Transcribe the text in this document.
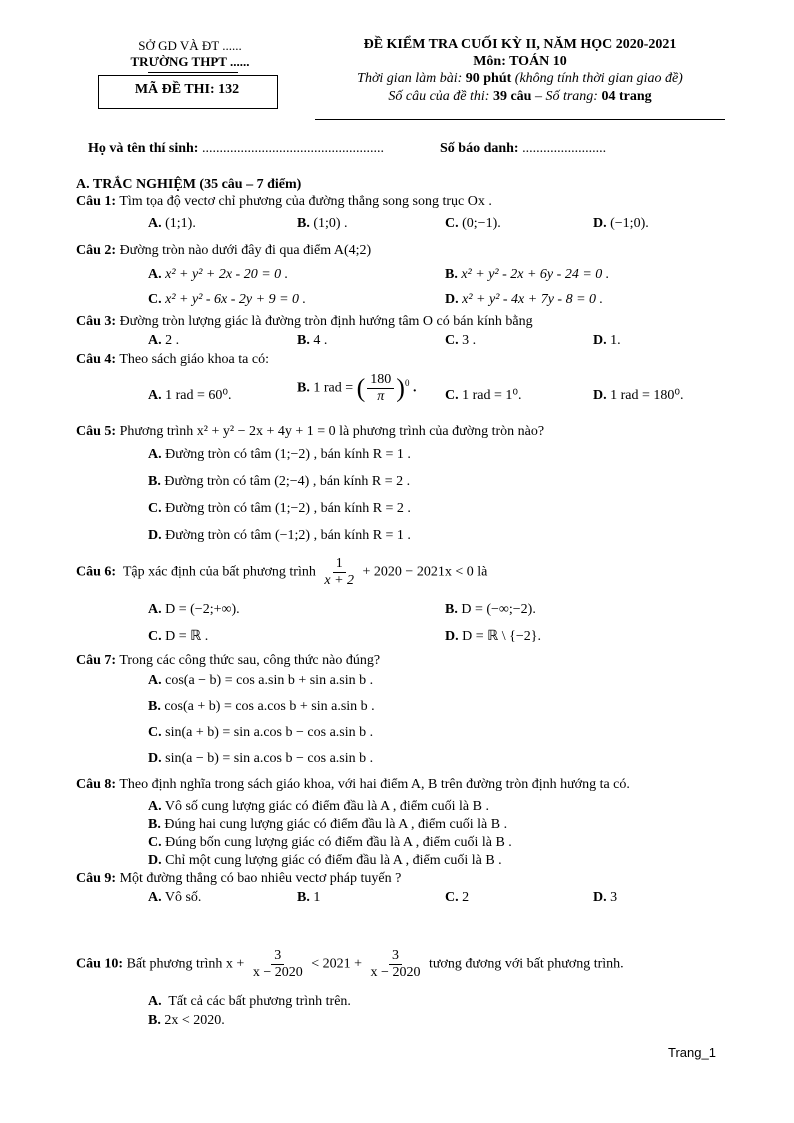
SỞ GD VÀ ĐT ......
TRƯỜNG THPT ......
MÃ ĐỀ THI: 132
ĐỀ KIỂM TRA CUỐI KỲ II, NĂM HỌC 2020-2021
Môn: TOÁN 10
Thời gian làm bài: 90 phút (không tính thời gian giao đề)
Số câu của đề thi: 39 câu – Số trang: 04 trang
Họ và tên thí sinh: ....................................................	Số báo danh: ........................
A. TRẮC NGHIỆM (35 câu – 7 điểm)
Câu 1: Tìm tọa độ vectơ chỉ phương của đường thẳng song song trục Ox .
A. (1;1).	B. (1;0) .	C. (0;−1).	D. (−1;0).
Câu 2: Đường tròn nào dưới đây đi qua điểm A(4;2)
A. x² + y² + 2x - 20 = 0 .	B. x² + y² - 2x + 6y - 24 = 0 .
C. x² + y² - 6x - 2y + 9 = 0 .	D. x² + y² - 4x + 7y - 8 = 0 .
Câu 3: Đường tròn lượng giác là đường tròn định hướng tâm O có bán kính bằng
A. 2 .	B. 4 .	C. 3 .	D. 1.
Câu 4: Theo sách giáo khoa ta có:
A. 1 rad = 60⁰.	B. 1 rad = ( $\frac{180}{\pi} )^0$ . C. 1 rad = 1⁰.	D. 1 rad = 180⁰.
Câu 5: Phương trình x² + y² − 2x + 4y + 1 = 0 là phương trình của đường tròn nào?
A. Đường tròn có tâm (1;−2) , bán kính R = 1 .
B. Đường tròn có tâm (2;−4) , bán kính R = 2 .
C. Đường tròn có tâm (1;−2) , bán kính R = 2 .
D. Đường tròn có tâm (−1;2) , bán kính R = 1 .
Câu 6: Tập xác định của bất phương trình $\frac{1}{x + 2} + 2020 - 2021x < 0$ là
A. D = (−2;+∞).	B. D = (−∞;−2).
C. D = ℝ .	D. D = ℝ \ {−2}.
Câu 7: Trong các công thức sau, công thức nào đúng?
A. cos(a − b) = cos a.sin b + sin a.sin b .
B. cos(a + b) = cos a.cos b + sin a.sin b .
C. sin(a + b) = sin a.cos b − cos a.sin b .
D. sin(a − b) = sin a.cos b − cos a.sin b .
Câu 8: Theo định nghĩa trong sách giáo khoa, với hai điểm A, B trên đường tròn định hướng ta có.
A. Vô số cung lượng giác có điểm đầu là A , điểm cuối là B .
B. Đúng hai cung lượng giác có điểm đầu là A , điểm cuối là B .
C. Đúng bốn cung lượng giác có điểm đầu là A , điểm cuối là B .
D. Chỉ một cung lượng giác có điểm đầu là A , điểm cuối là B .
Câu 9: Một đường thẳng có bao nhiêu vectơ pháp tuyến ?
A. Vô số.	B. 1	C. 2	D. 3
Câu 10: Bất phương trình $x + \frac{3}{x - 2020} < 2021 + \frac{3}{x - 2020}$ tương đương với bất phương trình.
A. Tất cả các bất phương trình trên.
B. 2x < 2020.
Trang_1
